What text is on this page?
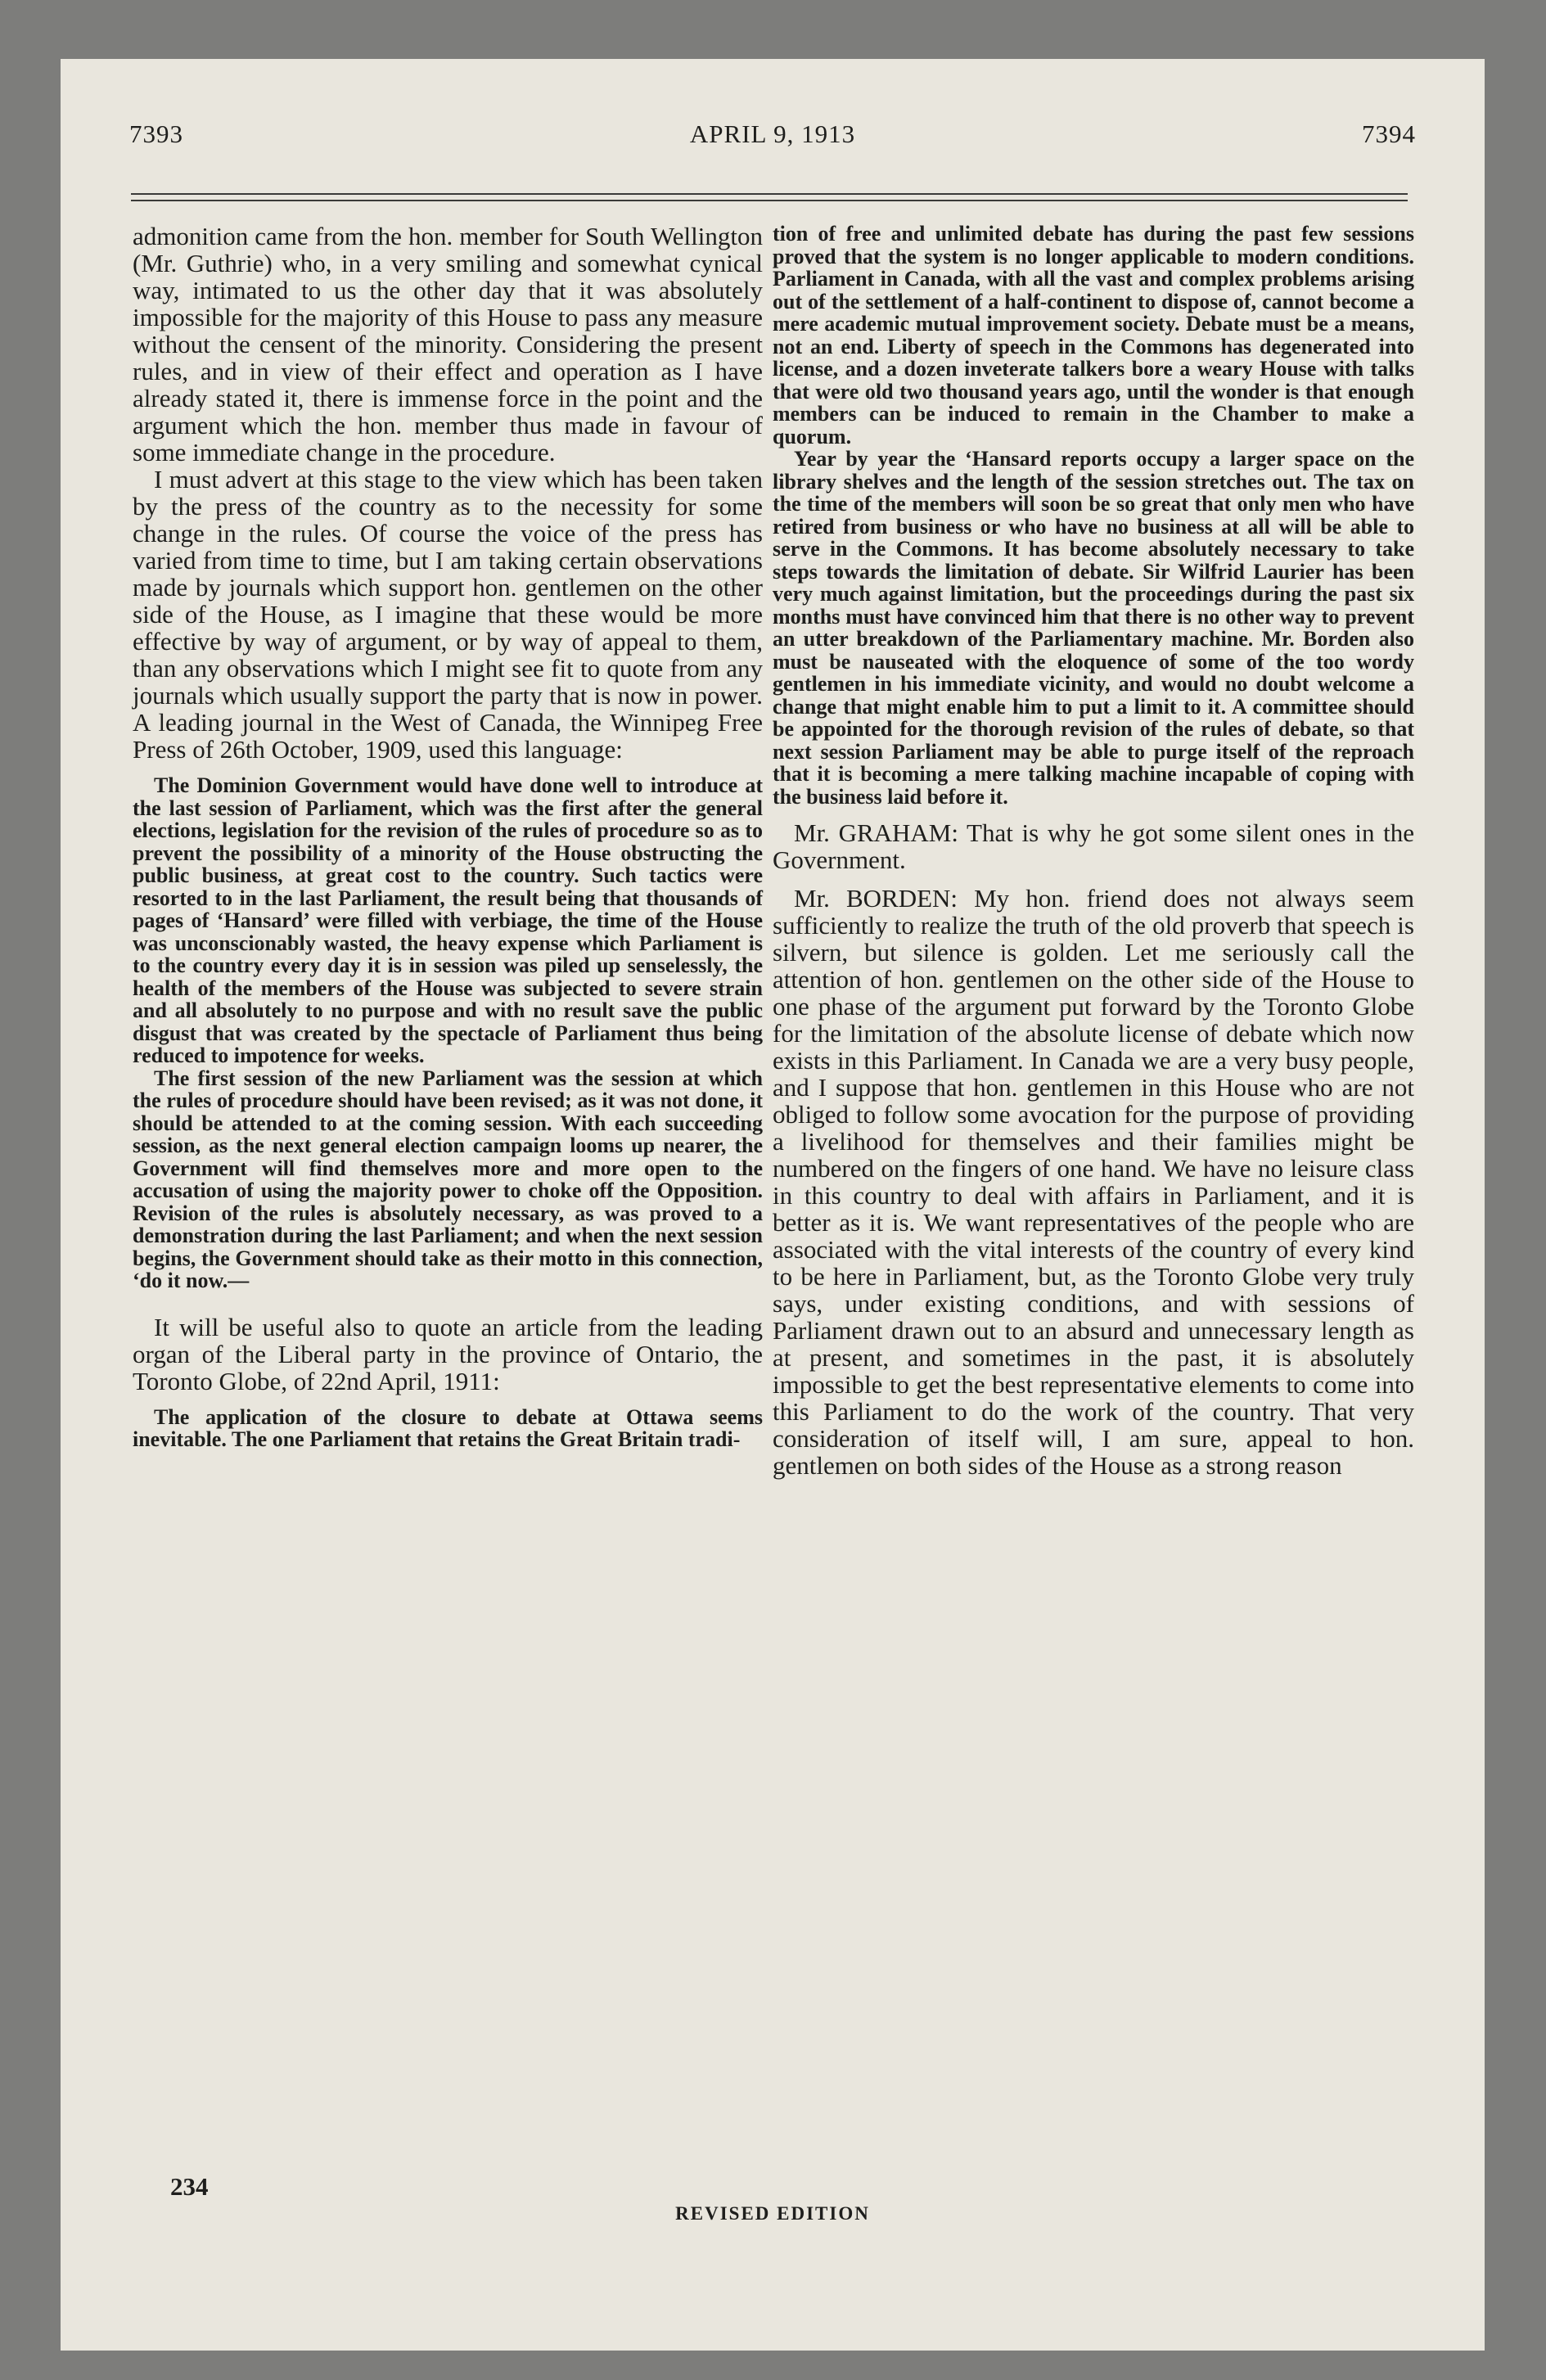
7393	APRIL 9, 1913	7394

admonition came from the hon. member for South Wellington (Mr. Guthrie) who, in a very smiling and somewhat cynical way, intimated to us the other day that it was absolutely impossible for the majority of this House to pass any measure without the censent of the minority. Considering the present rules, and in view of their effect and operation as I have already stated it, there is immense force in the point and the argument which the hon. member thus made in favour of some immediate change in the procedure.

I must advert at this stage to the view which has been taken by the press of the country as to the necessity for some change in the rules. Of course the voice of the press has varied from time to time, but I am taking certain observations made by journals which support hon. gentlemen on the other side of the House, as I imagine that these would be more effective by way of argument, or by way of appeal to them, than any observations which I might see fit to quote from any journals which usually support the party that is now in power. A leading journal in the West of Canada, the Winnipeg Free Press of 26th October, 1909, used this language:

The Dominion Government would have done well to introduce at the last session of Parliament, which was the first after the general elections, legislation for the revision of the rules of procedure so as to prevent the possibility of a minority of the House obstructing the public business, at great cost to the country. Such tactics were resorted to in the last Parliament, the result being that thousands of pages of ‘Hansard’ were filled with verbiage, the time of the House was unconscionably wasted, the heavy expense which Parliament is to the country every day it is in session was piled up senselessly, the health of the members of the House was subjected to severe strain and all absolutely to no purpose and with no result save the public disgust that was created by the spectacle of Parliament thus being reduced to impotence for weeks.

The first session of the new Parliament was the session at which the rules of procedure should have been revised; as it was not done, it should be attended to at the coming session. With each succeeding session, as the next general election campaign looms up nearer, the Government will find themselves more and more open to the accusation of using the majority power to choke off the Opposition. Revision of the rules is absolutely necessary, as was proved to a demonstration during the last Parliament; and when the next session begins, the Government should take as their motto in this connection, ‘do it now.—

It will be useful also to quote an article from the leading organ of the Liberal party in the province of Ontario, the Toronto Globe, of 22nd April, 1911:

The application of the closure to debate at Ottawa seems inevitable. The one Parliament that retains the Great Britain tradi-

tion of free and unlimited debate has during the past few sessions proved that the system is no longer applicable to modern conditions. Parliament in Canada, with all the vast and complex problems arising out of the settlement of a half-continent to dispose of, cannot become a mere academic mutual improvement society. Debate must be a means, not an end. Liberty of speech in the Commons has degenerated into license, and a dozen inveterate talkers bore a weary House with talks that were old two thousand years ago, until the wonder is that enough members can be induced to remain in the Chamber to make a quorum.

Year by year the ‘Hansard reports occupy a larger space on the library shelves and the length of the session stretches out. The tax on the time of the members will soon be so great that only men who have retired from business or who have no business at all will be able to serve in the Commons. It has become absolutely necessary to take steps towards the limitation of debate. Sir Wilfrid Laurier has been very much against limitation, but the proceedings during the past six months must have convinced him that there is no other way to prevent an utter breakdown of the Parliamentary machine. Mr. Borden also must be nauseated with the eloquence of some of the too wordy gentlemen in his immediate vicinity, and would no doubt welcome a change that might enable him to put a limit to it. A committee should be appointed for the thorough revision of the rules of debate, so that next session Parliament may be able to purge itself of the reproach that it is becoming a mere talking machine incapable of coping with the business laid before it.

Mr. GRAHAM: That is why he got some silent ones in the Government.

Mr. BORDEN: My hon. friend does not always seem sufficiently to realize the truth of the old proverb that speech is silvern, but silence is golden. Let me seriously call the attention of hon. gentlemen on the other side of the House to one phase of the argument put forward by the Toronto Globe for the limitation of the absolute license of debate which now exists in this Parliament. In Canada we are a very busy people, and I suppose that hon. gentlemen in this House who are not obliged to follow some avocation for the purpose of providing a livelihood for themselves and their families might be numbered on the fingers of one hand. We have no leisure class in this country to deal with affairs in Parliament, and it is better as it is. We want representatives of the people who are associated with the vital interests of the country of every kind to be here in Parliament, but, as the Toronto Globe very truly says, under existing conditions, and with sessions of Parliament drawn out to an absurd and unnecessary length as at present, and sometimes in the past, it is absolutely impossible to get the best representative elements to come into this Parliament to do the work of the country. That very consideration of itself will, I am sure, appeal to hon. gentlemen on both sides of the House as a strong reason

234
REVISED EDITION
